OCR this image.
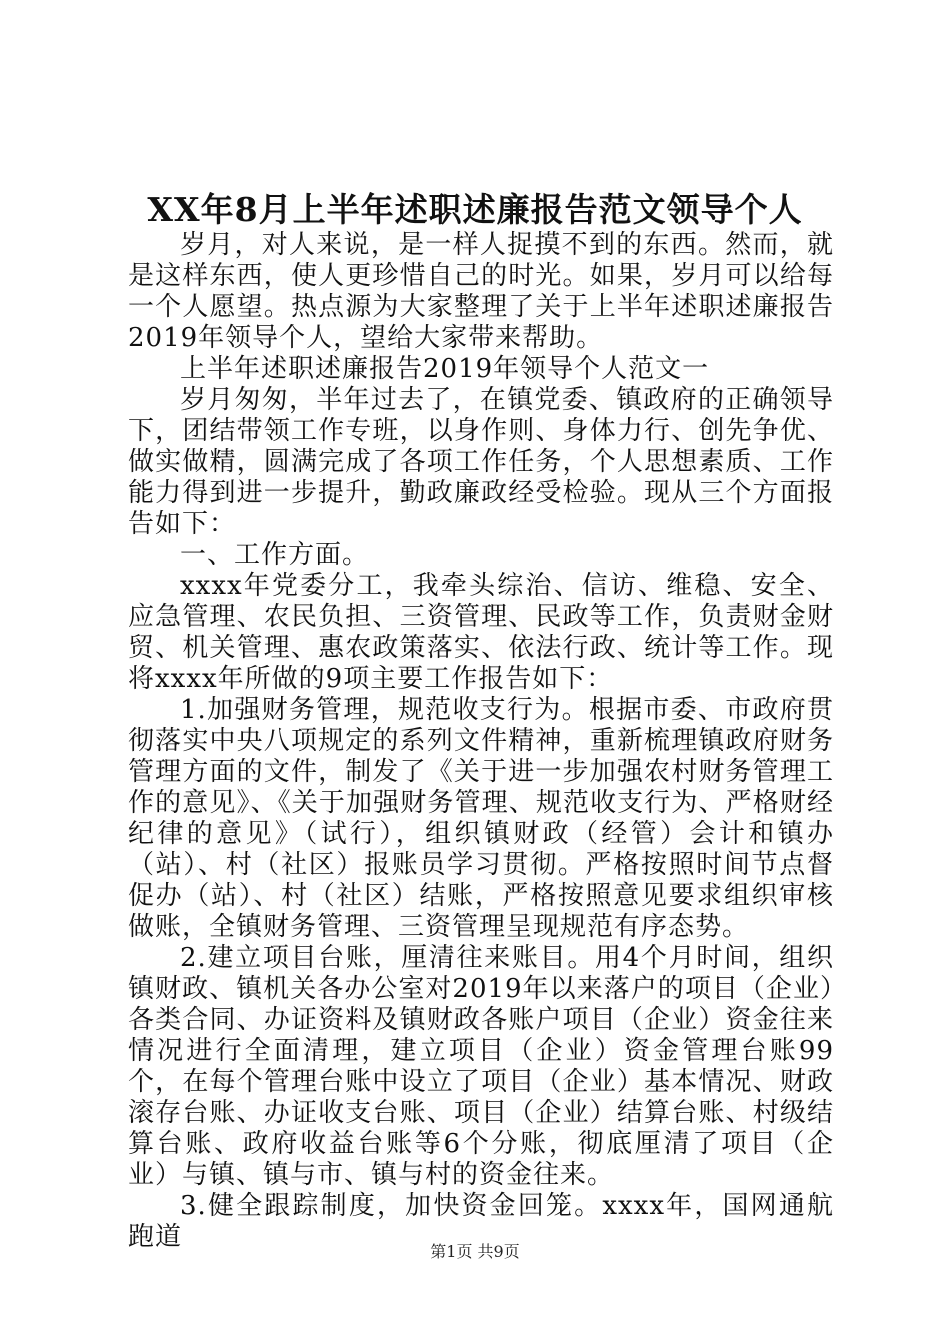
XX年8月上半年述职述廉报告范文领导个人

岁月，对人来说，是一样人捉摸不到的东西。然而，就是这样东西，使人更珍惜自己的时光。如果，岁月可以给每一个人愿望。热点源为大家整理了关于上半年述职述廉报告2019年领导个人，望给大家带来帮助。

上半年述职述廉报告2019年领导个人范文一

岁月匆匆，半年过去了，在镇党委、镇政府的正确领导下，团结带领工作专班，以身作则、身体力行、创先争优、做实做精，圆满完成了各项工作任务，个人思想素质、工作能力得到进一步提升，勤政廉政经受检验。现从三个方面报告如下：

一、工作方面。

xxxx年党委分工，我牵头综治、信访、维稳、安全、应急管理、农民负担、三资管理、民政等工作，负责财金财贸、机关管理、惠农政策落实、依法行政、统计等工作。现将xxxx年所做的9项主要工作报告如下：

1.加强财务管理，规范收支行为。根据市委、市政府贯彻落实中央八项规定的系列文件精神，重新梳理镇政府财务管理方面的文件，制发了《关于进一步加强农村财务管理工作的意见》、《关于加强财务管理、规范收支行为、严格财经纪律的意见》（试行），组织镇财政（经管）会计和镇办（站）、村（社区）报账员学习贯彻。严格按照时间节点督促办（站）、村（社区）结账，严格按照意见要求组织审核做账，全镇财务管理、三资管理呈现规范有序态势。

2.建立项目台账，厘清往来账目。用4个月时间，组织镇财政、镇机关各办公室对2019年以来落户的项目（企业）各类合同、办证资料及镇财政各账户项目（企业）资金往来情况进行全面清理，建立项目（企业）资金管理台账99个，在每个管理台账中设立了项目（企业）基本情况、财政滚存台账、办证收支台账、项目（企业）结算台账、村级结算台账、政府收益台账等6个分账，彻底厘清了项目（企业）与镇、镇与市、镇与村的资金往来。

3.健全跟踪制度，加快资金回笼。xxxx年，国网通航跑道	第1页 共9页
